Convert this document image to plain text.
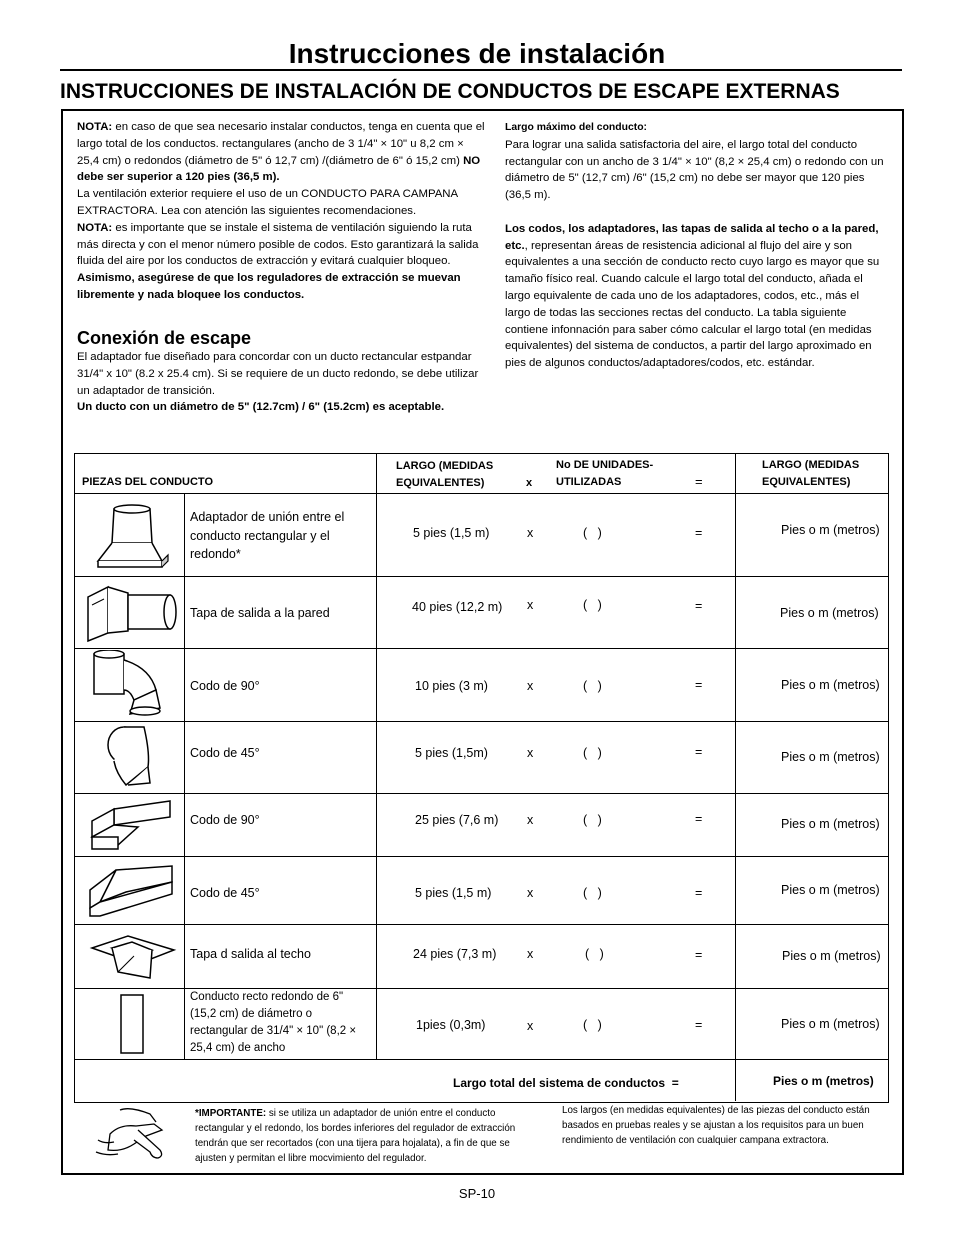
Instrucciones de instalación
INSTRUCCIONES DE INSTALACIÓN DE CONDUCTOS DE ESCAPE EXTERNAS
NOTA: en caso de que sea necesario instalar conductos, tenga en cuenta que el largo total de los conductos. rectangulares (ancho de 3 1/4" × 10" u 8,2 cm × 25,4 cm) o redondos (diámetro de 5" ó 12,7 cm) /(diámetro de 6" ó 15,2 cm) NO debe ser superior a 120 pies (36,5 m).
La ventilación exterior requiere el uso de un CONDUCTO PARA CAMPANA EXTRACTORA. Lea con atención las siguientes recomendaciones.
NOTA: es importante que se instale el sistema de ventilación siguiendo la ruta más directa y con el menor número posible de codos. Esto garantizará la salida fluida del aire por los conductos de extracción y evitará cualquier bloqueo. Asimismo, asegúrese de que los reguladores de extracción se muevan libremente y nada bloquee los conductos.
Conexión de escape
El adaptador fue diseñado para concordar con un ducto rectancular estpandar 31/4" x 10" (8.2 x 25.4 cm). Si se requiere de un ducto redondo, se debe utilizar un adaptador de transición.
Un ducto con un diámetro de 5" (12.7cm) / 6" (15.2cm) es aceptable.
Largo máximo del conducto:
Para lograr una salida satisfactoria del aire, el largo total del conducto rectangular con un ancho de 3 1/4" × 10" (8,2 × 25,4 cm) o redondo con un diámetro de 5" (12,7 cm) /6" (15,2 cm) no debe ser mayor que 120 pies (36,5 m).

Los codos, los adaptadores, las tapas de salida al techo o a la pared, etc., representan áreas de resistencia adicional al flujo del aire y son equivalentes a una sección de conducto recto cuyo largo es mayor que su tamaño físico real. Cuando calcule el largo total del conducto, añada el largo equivalente de cada uno de los adaptadores, codos, etc., más el largo de todas las secciones rectas del conducto. La tabla siguiente contiene infonnación para saber cómo calcular el largo total (en medidas equivalentes) del sistema de conductos, a partir del largo aproximado en pies de algunos conductos/adaptadores/codos, etc. estándar.
PIEZAS DEL CONDUCTO
LARGO (MEDIDAS EQUIVALENTES)	x
No DE UNIDADES- UTILIZADAS	=
LARGO (MEDIDAS EQUIVALENTES)
Adaptador de unión entre el conducto rectangular y el redondo*
5 pies (1,5 m)	x	(   )	=	Pies o m (metros)
Tapa de salida a la pared	40 pies (12,2 m) x	(   )	=	Pies o m (metros)
Codo de 90°	10 pies (3 m)	x	(   )	=	Pies o m (metros)
Codo de 45°	5 pies (1,5m)	x	(   )	=	Pies o m (metros)
Codo de 90°	25 pies (7,6 m) x	(   )	=	Pies o m (metros)
Codo de 45°	5 pies (1,5 m)	x	(   )	=	Pies o m (metros)
Tapa d salida al techo	24 pies (7,3 m) x	(   )	=	Pies o m (metros)
Conducto recto redondo de 6" (15,2 cm) de diámetro o rectangular de 31/4" × 10" (8,2 × 25,4 cm) de ancho
1pies (0,3m)	x	(   )	=	Pies o m (metros)
Largo total del sistema de conductos  =	Pies o m (metros)
*IMPORTANTE: si se utiliza un adaptador de unión entre el conducto rectangular y el redondo, los bordes inferiores del regulador de extracción tendrán que ser recortados (con una tijera para hojalata), a fin de que se ajusten y permitan el libre mocvimiento del regulador.
Los largos (en medidas equivalentes) de las piezas del conducto están basados en pruebas reales y se ajustan a los requisitos para un buen rendimiento de ventilación con cualquier campana extractora.
SP-10
